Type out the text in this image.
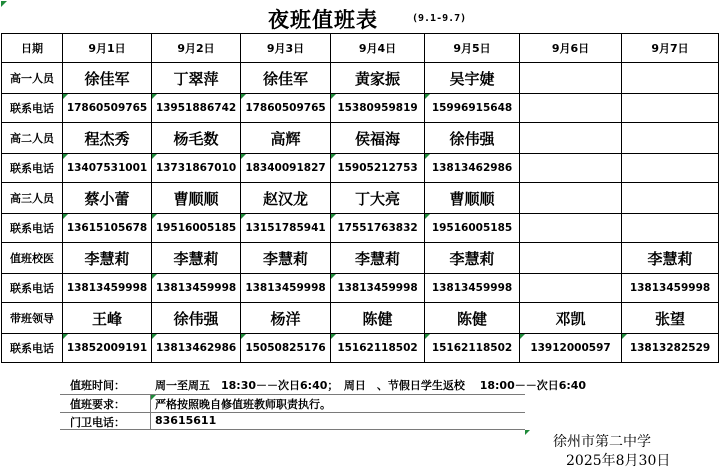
夜班值班表	(9.1-9.7)
日期	9月1日	9月2日	9月3日	9月4日	9月5日	9月6日	9月7日
高一人员	徐佳军	丁翠萍	徐佳军	黄家振	吴宇婕		
联系电话	17860509765	13951886742	17860509765	15380959819	15996915648

高二人员	程杰秀	杨毛数	高辉	侯福海	徐伟强		
联系电话	13407531001	13731867010	18340091827	15905212753	13813462986

高三人员	蔡小蕾	曹顺顺	赵汉龙	丁大亮	曹顺顺		
联系电话	13615105678	19516005185	13151785941	17551763832	19516005185

值班校医	李慧莉	李慧莉	李慧莉	李慧莉	李慧莉		李慧莉
联系电话	13813459998	13813459998	13813459998	13813459998	13813459998		13813459998
带班领导	王峰	徐伟强	杨洋	陈健	陈健	邓凯	张望
联系电话	13852009191	13813462986	15050825176	15162118502	15162118502	13912000597	13813282529
值班时间：	周一至周五　18:30－－次日6:40；　周日　、节假日学生返校　 18:00－－次日6:40
值班要求：	严格按照晚自修值班教师职责执行。
门卫电话：	83615611
徐州市第二中学
2025年8月30日
